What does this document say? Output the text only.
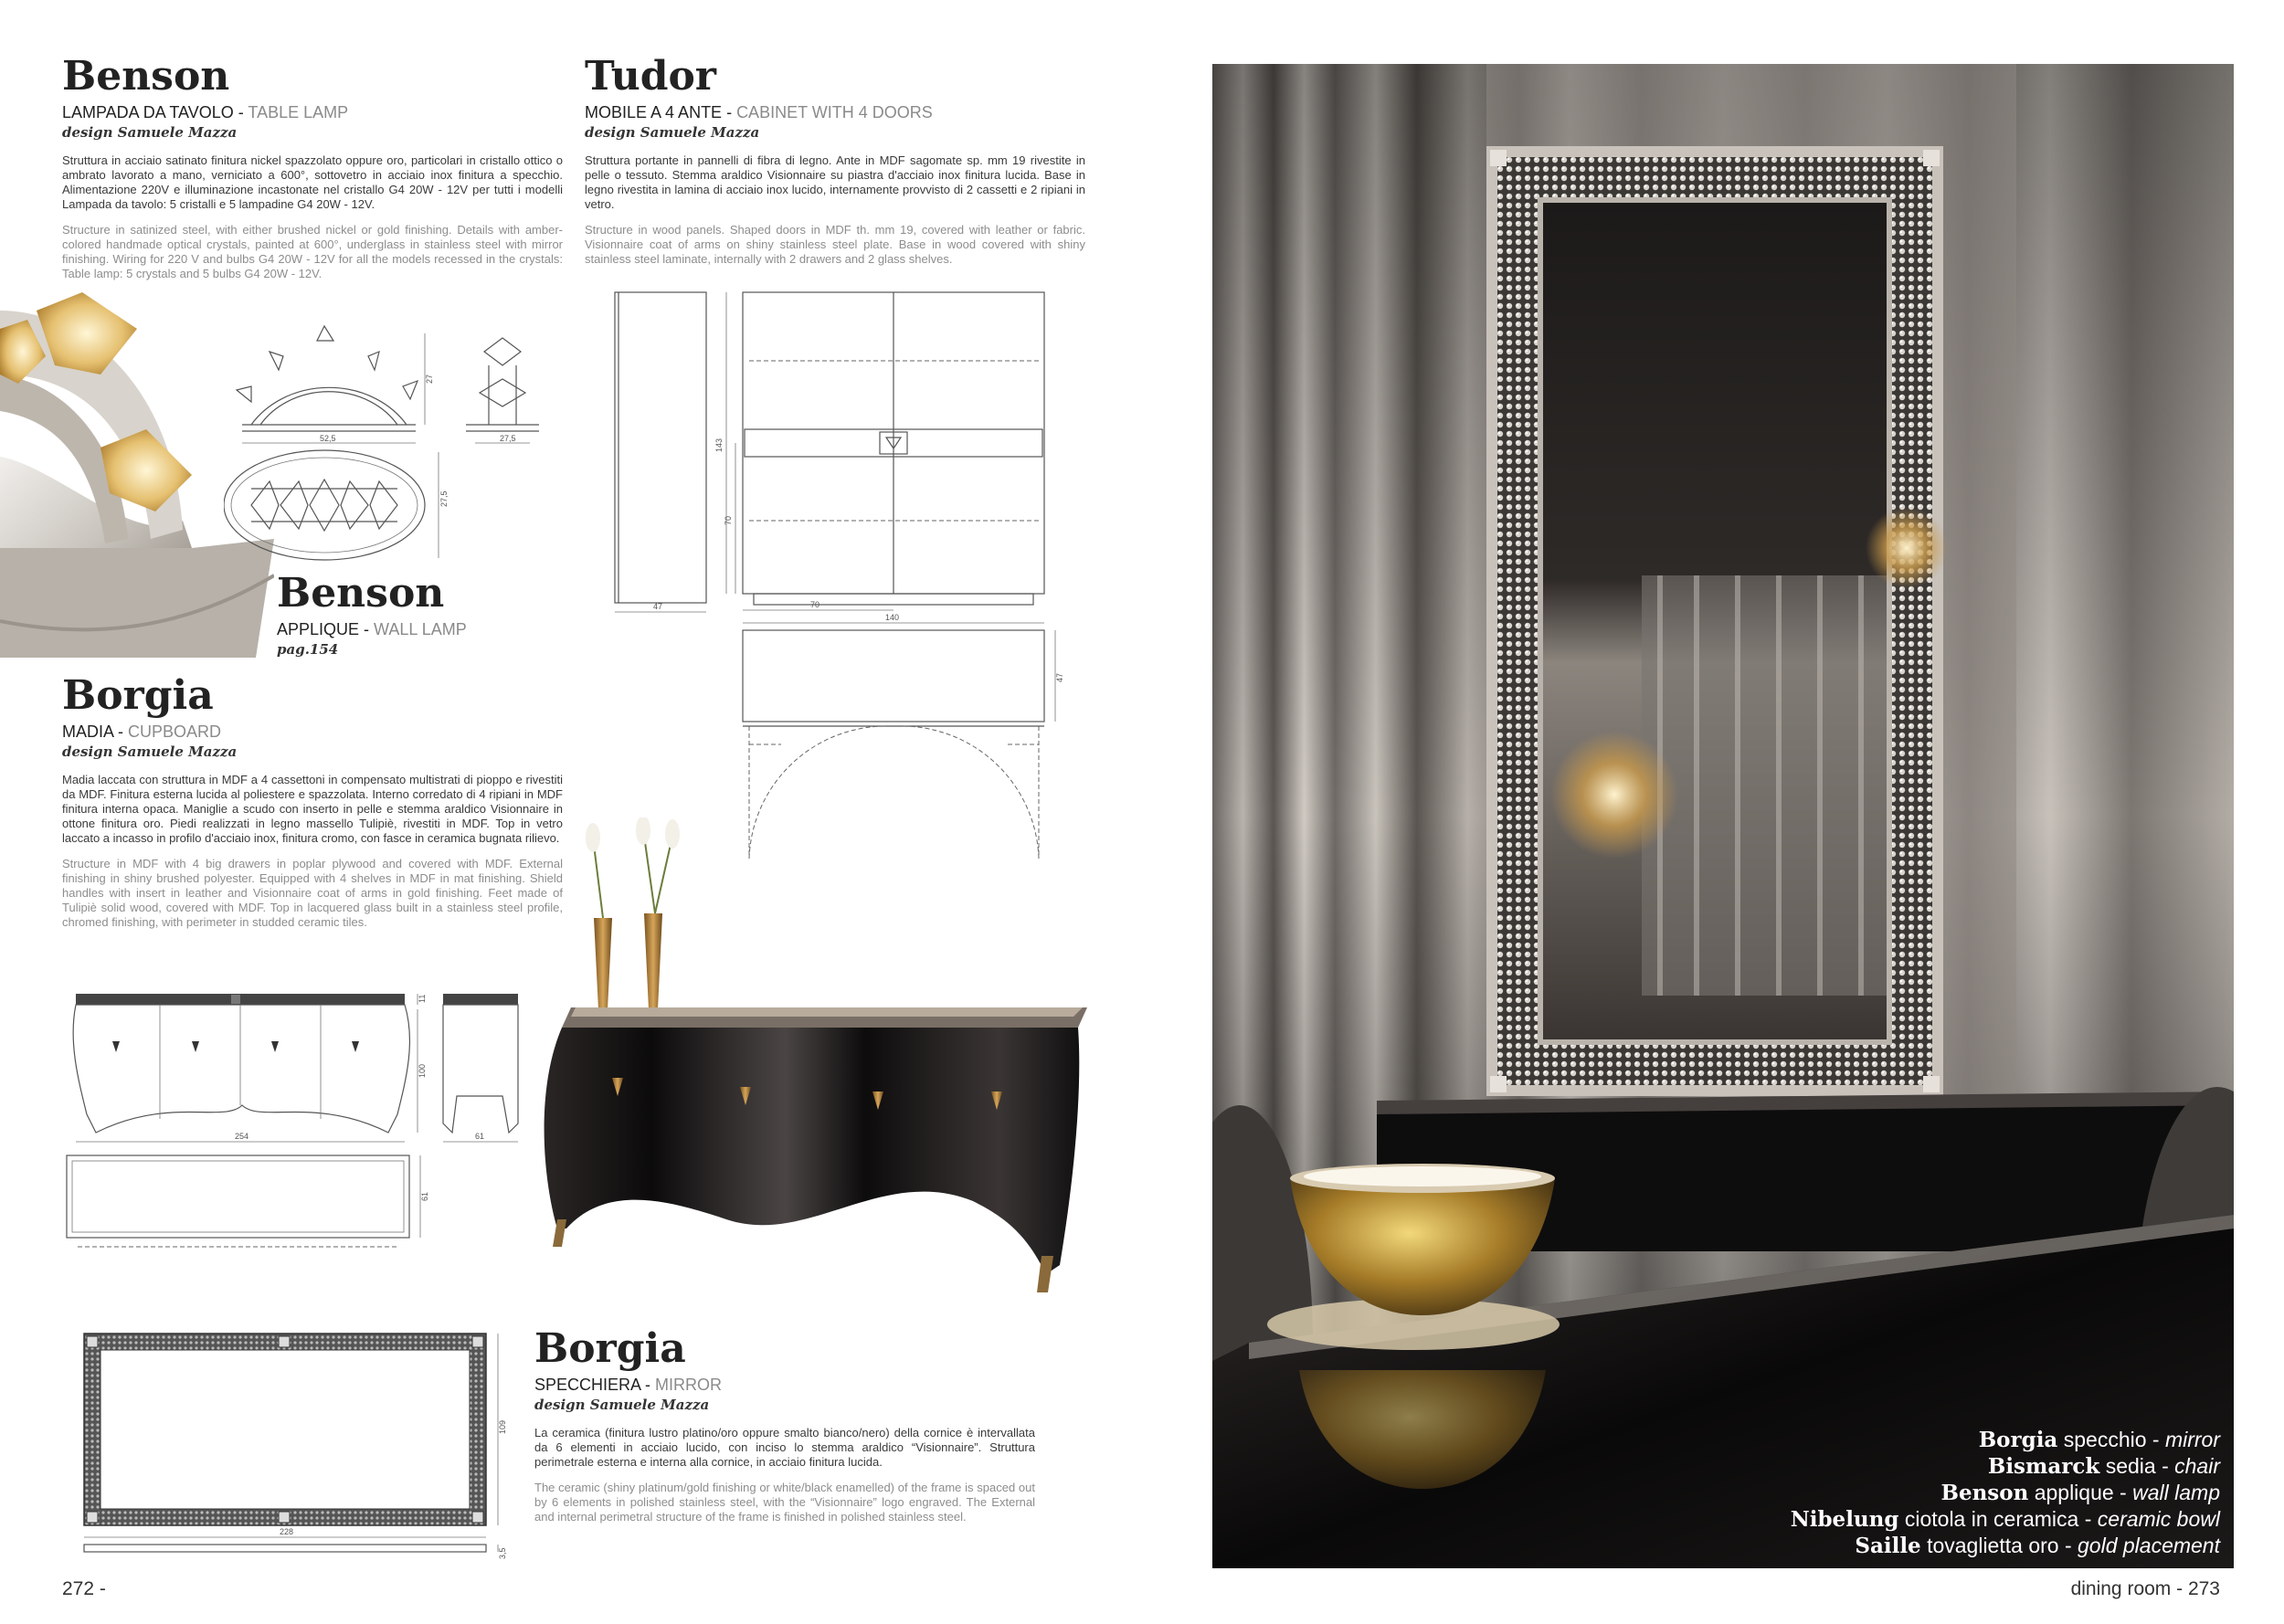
Benson
LAMPADA DA TAVOLO - TABLE LAMP
design Samuele Mazza
Struttura in acciaio satinato finitura nickel spazzolato oppure oro, particolari in cristallo ottico o ambrato lavorato a mano, verniciato a 600°, sottovetro in acciaio inox finitura a specchio. Alimentazione 220V e illuminazione incastonate nel cristallo G4 20W - 12V per tutti i modelli Lampada da tavolo: 5 cristalli e 5 lampadine G4 20W - 12V.
Structure in satinized steel, with either brushed nickel or gold finishing. Details with amber-colored handmade optical crystals, painted at 600°, underglass in stainless steel with mirror finishing. Wiring for 220 V and bulbs G4 20W - 12V for all the models recessed in the crystals: Table lamp: 5 crystals and 5 bulbs G4 20W - 12V.
27
52,5	27,5
27,5
Benson
APPLIQUE - WALL LAMP
pag.154
Tudor
MOBILE A 4 ANTE - CABINET WITH 4 DOORS
design Samuele Mazza
Struttura portante in pannelli di fibra di legno. Ante in MDF sagomate sp. mm 19 rivestite in pelle o tessuto. Stemma araldico Visionnaire su piastra d'acciaio inox finitura lucida. Base in legno rivestita in lamina di acciaio inox lucido, internamente provvisto di 2 cassetti e 2 ripiani in vetro.
Structure in wood panels. Shaped doors in MDF th. mm 19, covered with leather or fabric. Visionnaire coat of arms on shiny stainless steel plate. Base in wood covered with shiny stainless steel laminate, internally with 2 drawers and 2 glass shelves.
47
143
70
70
140
47
Borgia
MADIA - CUPBOARD
design Samuele Mazza
Madia laccata con struttura in MDF a 4 cassettoni in compensato multistrati di pioppo e rivestiti da MDF. Finitura esterna lucida al poliestere e spazzolata. Interno corredato di 4 ripiani in MDF finitura interna opaca. Maniglie a scudo con inserto in pelle e stemma araldico Visionnaire in ottone finitura oro. Piedi realizzati in legno massello Tulipiè, rivestiti in MDF. Top in vetro laccato a incasso in profilo d'acciaio inox, finitura cromo, con fasce in ceramica bugnata rilievo.
Structure in MDF with 4 big drawers in poplar plywood and covered with MDF. External finishing in shiny brushed polyester. Equipped with 4 shelves in MDF in mat finishing. Shield handles with insert in leather and Visionnaire coat of arms in gold finishing. Feet made of Tulipiè solid wood, covered with MDF. Top in lacquered glass built in a stainless steel profile, chromed finishing, with perimeter in studded ceramic tiles.
254
11
100
61
61
109
228
3,5
Borgia
SPECCHIERA - MIRROR
design Samuele Mazza
La ceramica (finitura lustro platino/oro oppure smalto bianco/nero) della cornice è intervallata da 6 elementi in acciaio lucido, con inciso lo stemma araldico “Visionnaire”. Struttura perimetrale esterna e interna alla cornice, in acciaio finitura lucida.
The ceramic (shiny platinum/gold finishing or white/black enamelled) of the frame is spaced out by 6 elements in polished stainless steel, with the “Visionnaire” logo engraved. The External and internal perimetral structure of the frame is finished in polished stainless steel.
272 -
Borgia specchio - mirror
Bismarck sedia - chair
Benson applique - wall lamp
Nibelung ciotola in ceramica - ceramic bowl
Saille tovaglietta oro - gold placement
dining room - 273
